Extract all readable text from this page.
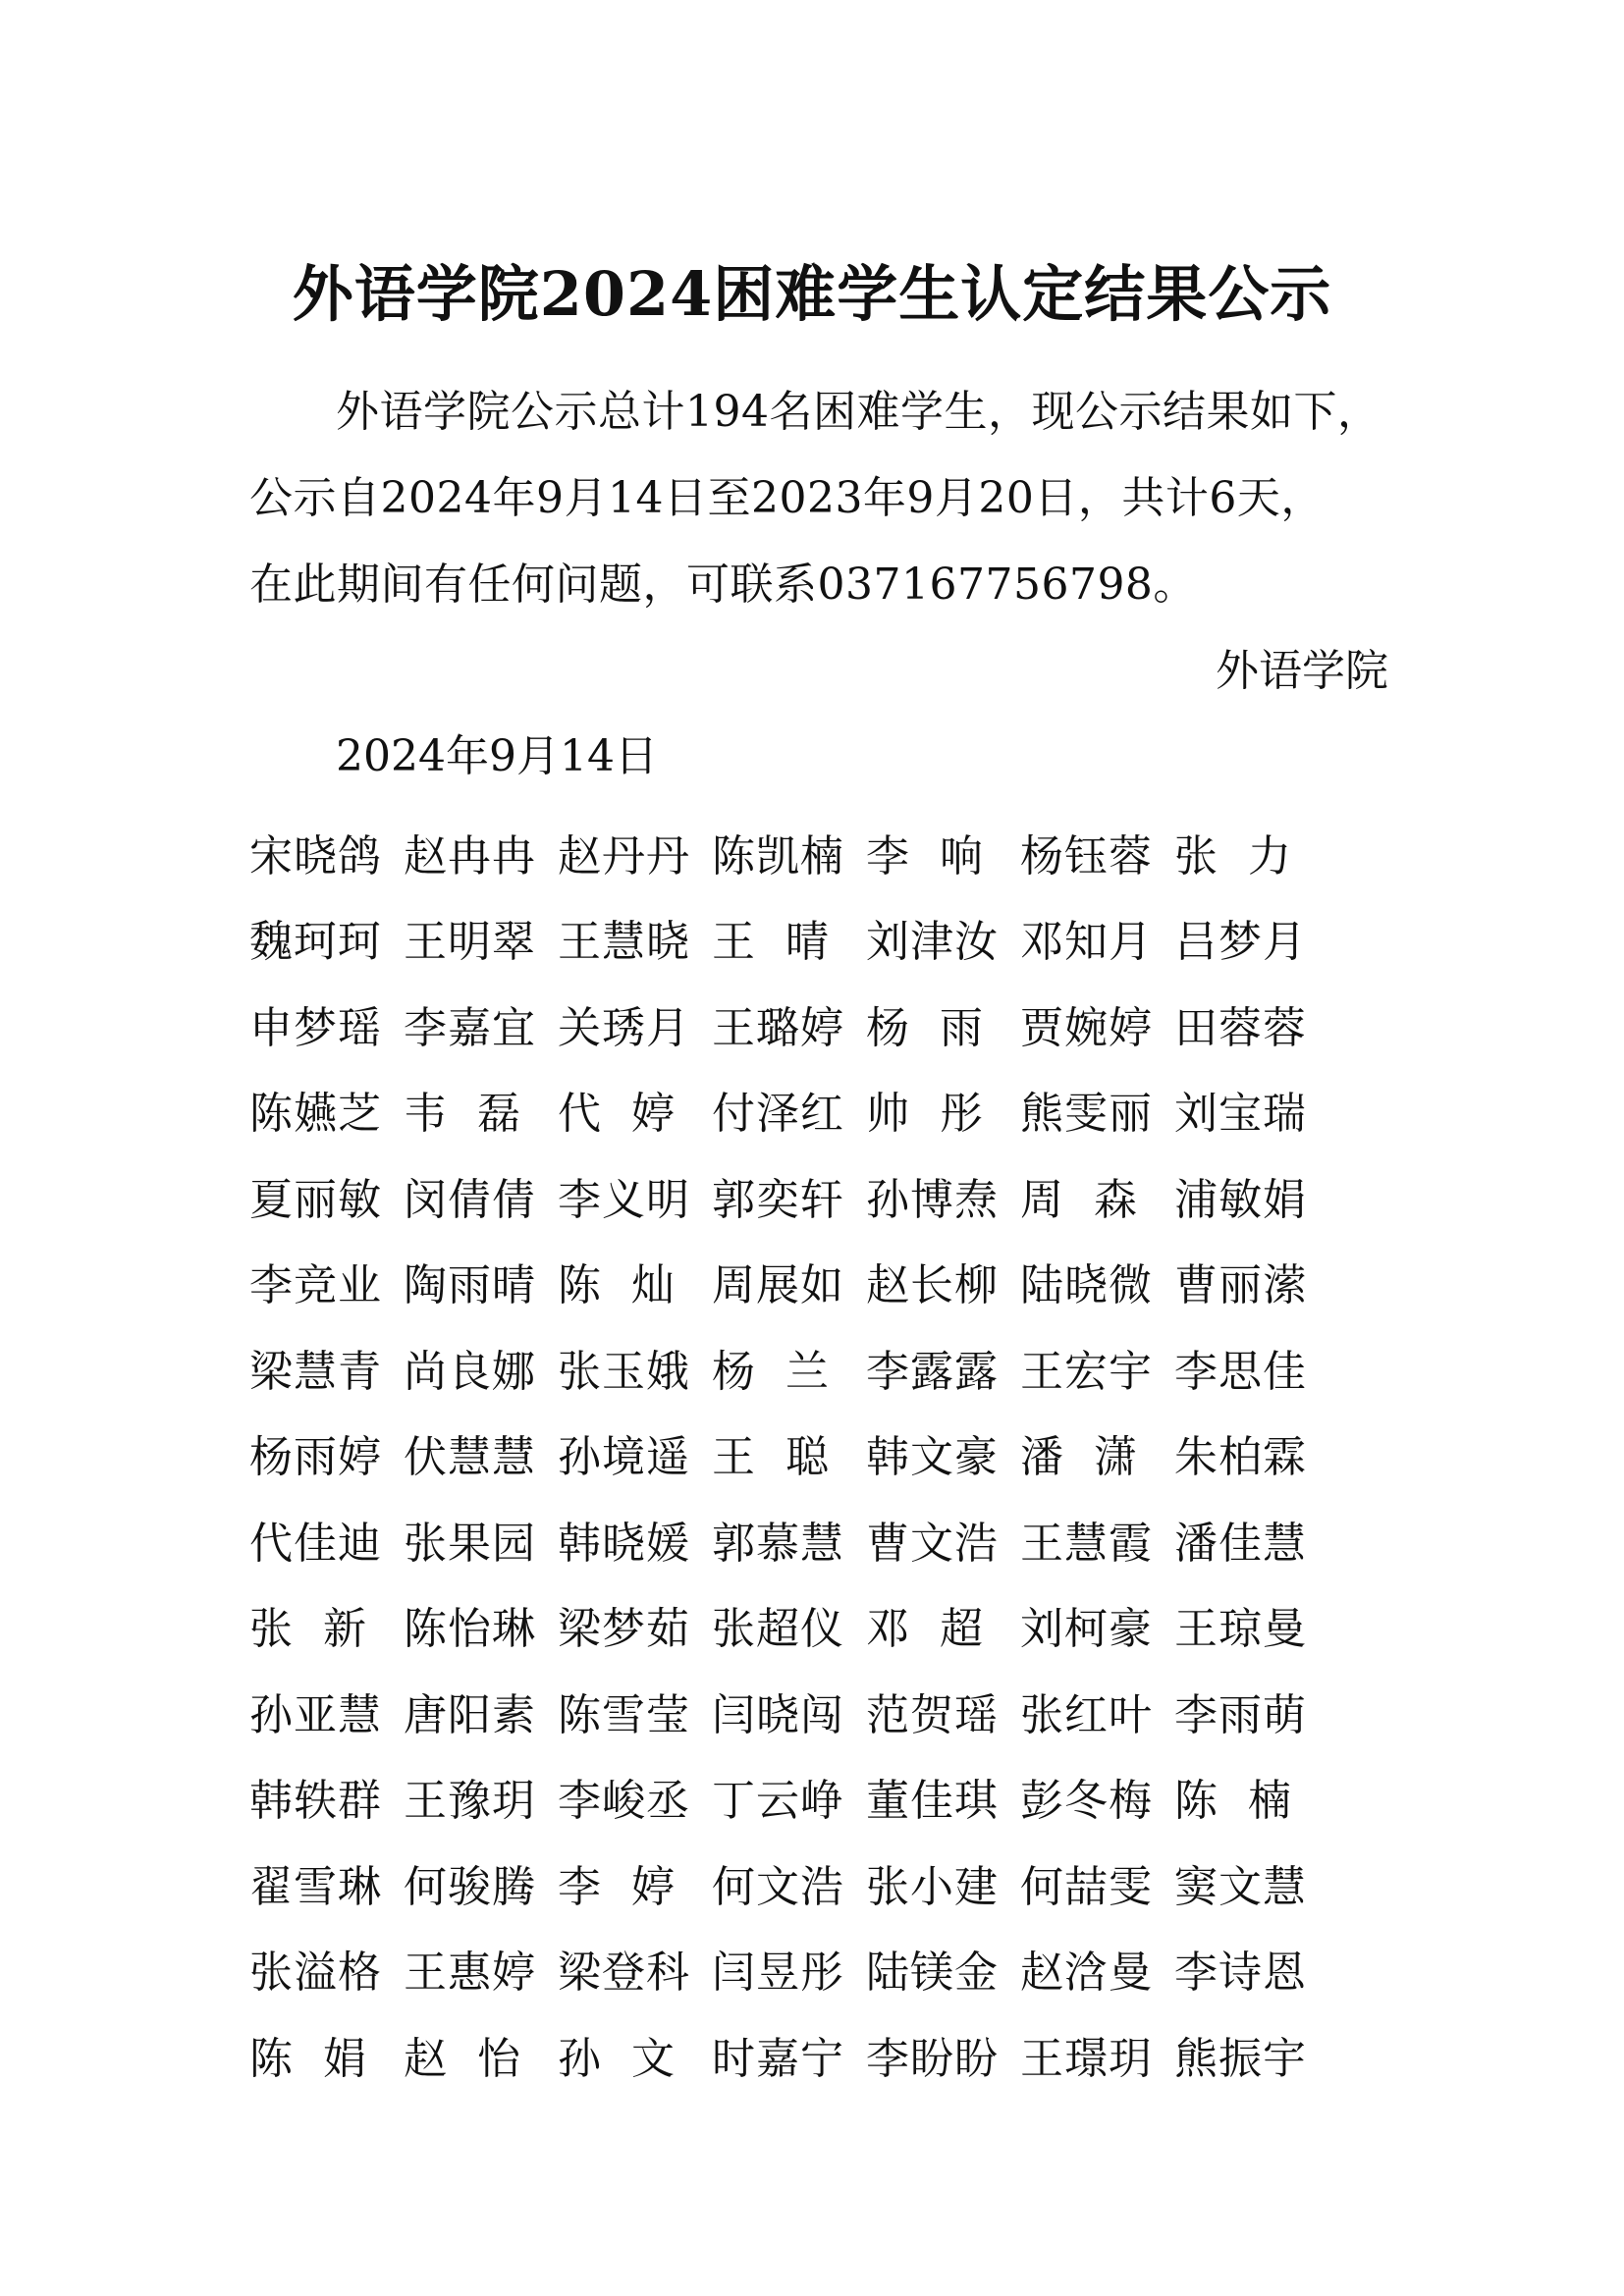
外语学院2024困难学生认定结果公示
外语学院公示总计194名困难学生，现公示结果如下，
公示自2024年9月14日至2023年9月20日，共计6天，
在此期间有任何问题，可联系037167756798。
外语学院
2024年9月14日
宋晓鸽 赵冉冉 赵丹丹 陈凯楠 李  响 杨钰蓉 张  力
魏珂珂 王明翠 王慧晓 王  晴 刘津汝 邓知月 吕梦月
申梦瑶 李嘉宜 关琇月 王璐婷 杨  雨 贾婉婷 田蓉蓉
陈嬿芝 韦  磊 代  婷 付泽红 帅  彤 熊雯丽 刘宝瑞
夏丽敏 闵倩倩 李义明 郭奕轩 孙博焘 周  森 浦敏娟
李竞业 陶雨晴 陈  灿 周展如 赵长柳 陆晓微 曹丽潆
梁慧青 尚良娜 张玉娥 杨  兰 李露露 王宏宇 李思佳
杨雨婷 伏慧慧 孙境遥 王  聪 韩文豪 潘  潇 朱柏霖
代佳迪 张果园 韩晓媛 郭慕慧 曹文浩 王慧霞 潘佳慧
张  新 陈怡琳 梁梦茹 张超仪 邓  超 刘柯豪 王琼曼
孙亚慧 唐阳素 陈雪莹 闫晓闯 范贺瑶 张红叶 李雨萌
韩轶群 王豫玥 李峻丞 丁云峥 董佳琪 彭冬梅 陈  楠
翟雪琳 何骏腾 李  婷 何文浩 张小建 何喆雯 窦文慧
张溢格 王惠婷 梁登科 闫昱彤 陆镁金 赵浛曼 李诗恩
陈  娟 赵  怡 孙  文 时嘉宁 李盼盼 王璟玥 熊振宇
